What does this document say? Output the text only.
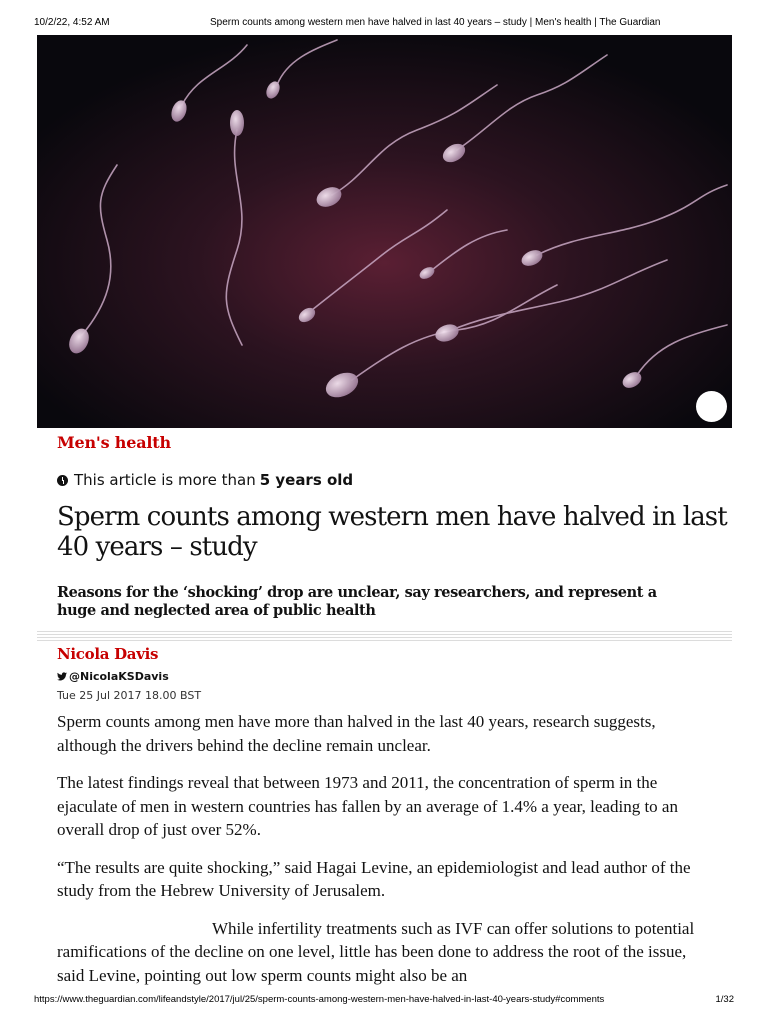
10/2/22, 4:52 AM	Sperm counts among western men have halved in last 40 years – study | Men's health | The Guardian
Men's health
This article is more than 5 years old
Sperm counts among western men have halved in last 40 years – study

Reasons for the ‘shocking’ drop are unclear, say researchers, and represent a huge and neglected area of public health

Nicola Davis
@NicolaKSDavis
Tue 25 Jul 2017 18.00 BST

Sperm counts among men have more than halved in the last 40 years, research suggests, although the drivers behind the decline remain unclear.

The latest findings reveal that between 1973 and 2011, the concentration of sperm in the ejaculate of men in western countries has fallen by an average of 1.4% a year, leading to an overall drop of just over 52%.

“The results are quite shocking,” said Hagai Levine, an epidemiologist and lead author of the study from the Hebrew University of Jerusalem.

While infertility treatments such as IVF can offer solutions to potential ramifications of the decline on one level, little has been done to address the root of the issue, said Levine, pointing out low sperm counts might also be an

https://www.theguardian.com/lifeandstyle/2017/jul/25/sperm-counts-among-western-men-have-halved-in-last-40-years-study#comments	1/32
